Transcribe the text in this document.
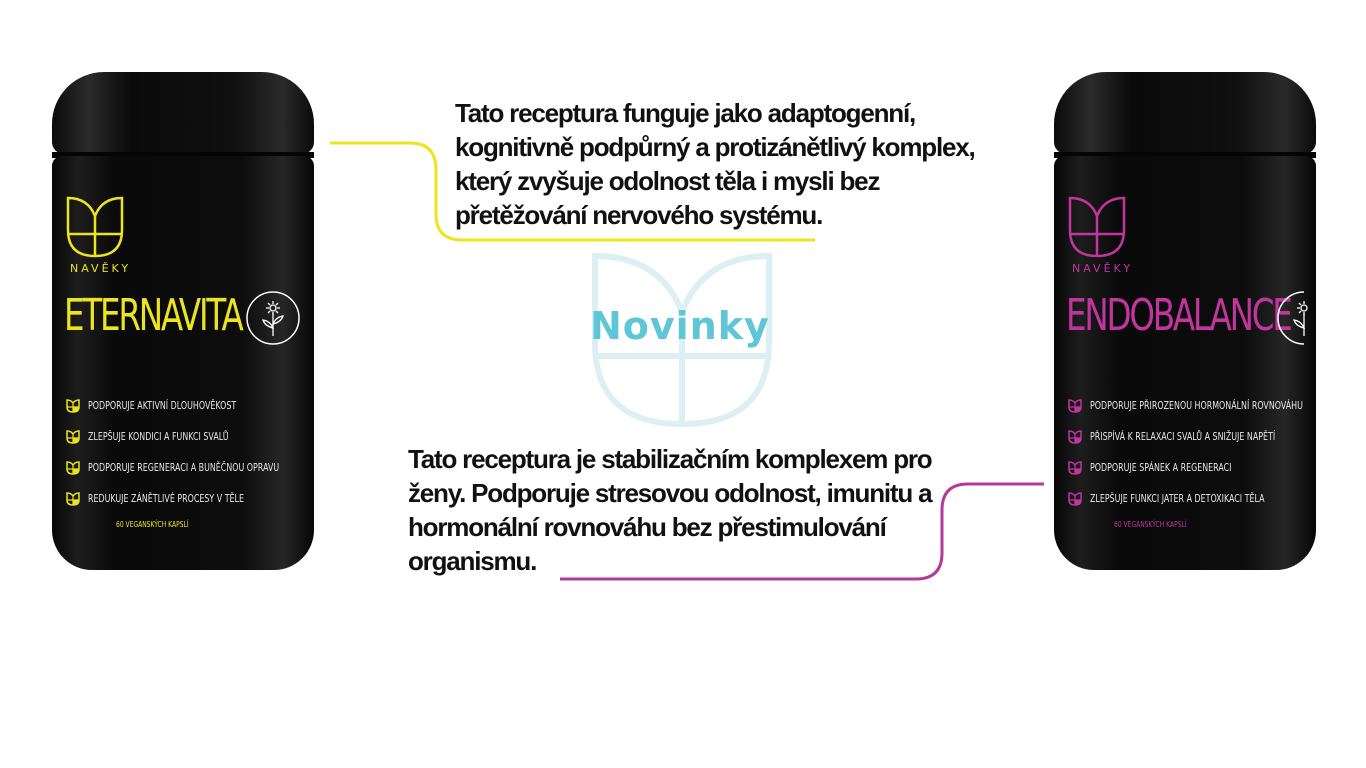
Novinky

Tato receptura funguje jako adaptogenní, kognitivně podpůrný a protizánětlivý komplex, který zvyšuje odolnost těla i mysli bez přetěžování nervového systému.

Tato receptura je stabilizačním komplexem pro ženy. Podporuje stresovou odolnost, imunitu a hormonální rovnováhu bez přestimulování organismu.

NAVĚKY
ETERNAVITA
PODPORUJE AKTIVNÍ DLOUHOVĚKOST
ZLEPŠUJE KONDICI A FUNKCI SVALŮ
PODPORUJE REGENERACI A BUNĚČNOU OPRAVU
REDUKUJE ZÁNĚTLIVÉ PROCESY V TĚLE
60 VEGANSKÝCH KAPSLÍ
NAVĚKY
ENDOBALANCE
PODPORUJE PŘIROZENOU HORMONÁLNÍ ROVNOVÁHU
PŘISPÍVÁ K RELAXACI SVALŮ A SNIŽUJE NAPĚTÍ
PODPORUJE SPÁNEK A REGENERACI
ZLEPŠUJE FUNKCI JATER A DETOXIKACI TĚLA
60 VEGANSKÝCH KAPSLÍ
